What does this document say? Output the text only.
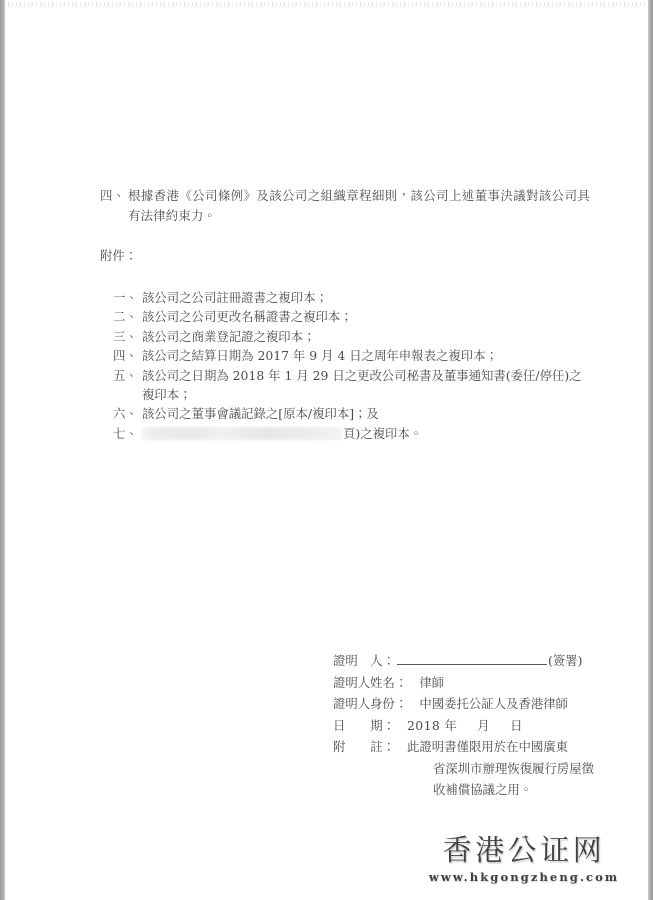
四、 根據香港《公司條例》及該公司之組織章程細則，該公司上述董事決議對該公司具有法律約束力。
附件：
一、 該公司之公司註冊證書之複印本；
二、 該公司之公司更改名稱證書之複印本；
三、 該公司之商業登記證之複印本；
四、 該公司之結算日期為 2017 年 9 月 4 日之周年申報表之複印本；
五、 該公司之日期為 2018 年 1 月 29 日之更改公司秘書及董事通知書(委任/停任)之複印本；
六、 該公司之董事會議記錄之[原本/複印本]；及
七、	頁)之複印本。
證明　人：	(簽署)
證明人姓名： 律師
證明人身份： 中國委托公証人及香港律師
日 期： 2018 年 月 日
附 註： 此證明書僅限用於在中國廣東
省深圳市辦理恢復履行房屋徵
收補償協議之用。
香港公证网
www.hkgongzheng.com
